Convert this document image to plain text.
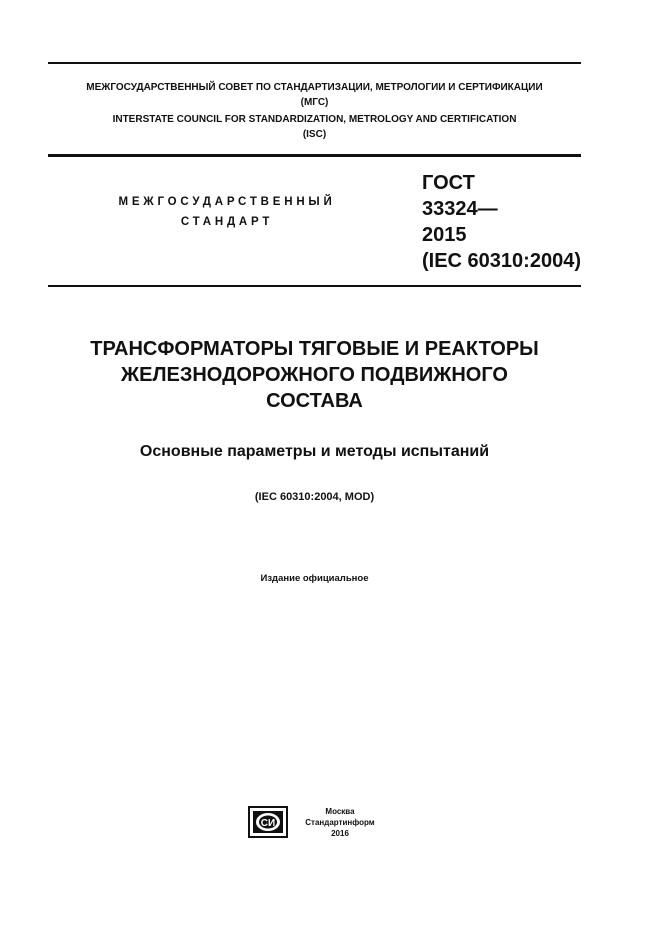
МЕЖГОСУДАРСТВЕННЫЙ СОВЕТ ПО СТАНДАРТИЗАЦИИ, МЕТРОЛОГИИ И СЕРТИФИКАЦИИ
(МГС)
INTERSTATE COUNCIL FOR STANDARDIZATION, METROLOGY AND CERTIFICATION
(ISC)
МЕЖГОСУДАРСТВЕННЫЙ
СТАНДАРТ
ГОСТ
33324—
2015
(IEC 60310:2004)
ТРАНСФОРМАТОРЫ ТЯГОВЫЕ И РЕАКТОРЫ
ЖЕЛЕЗНОДОРОЖНОГО ПОДВИЖНОГО
СОСТАВА
Основные параметры и методы испытаний
(IEC 60310:2004, MOD)
Издание официальное
СИ
Москва
Стандартинформ
2016
